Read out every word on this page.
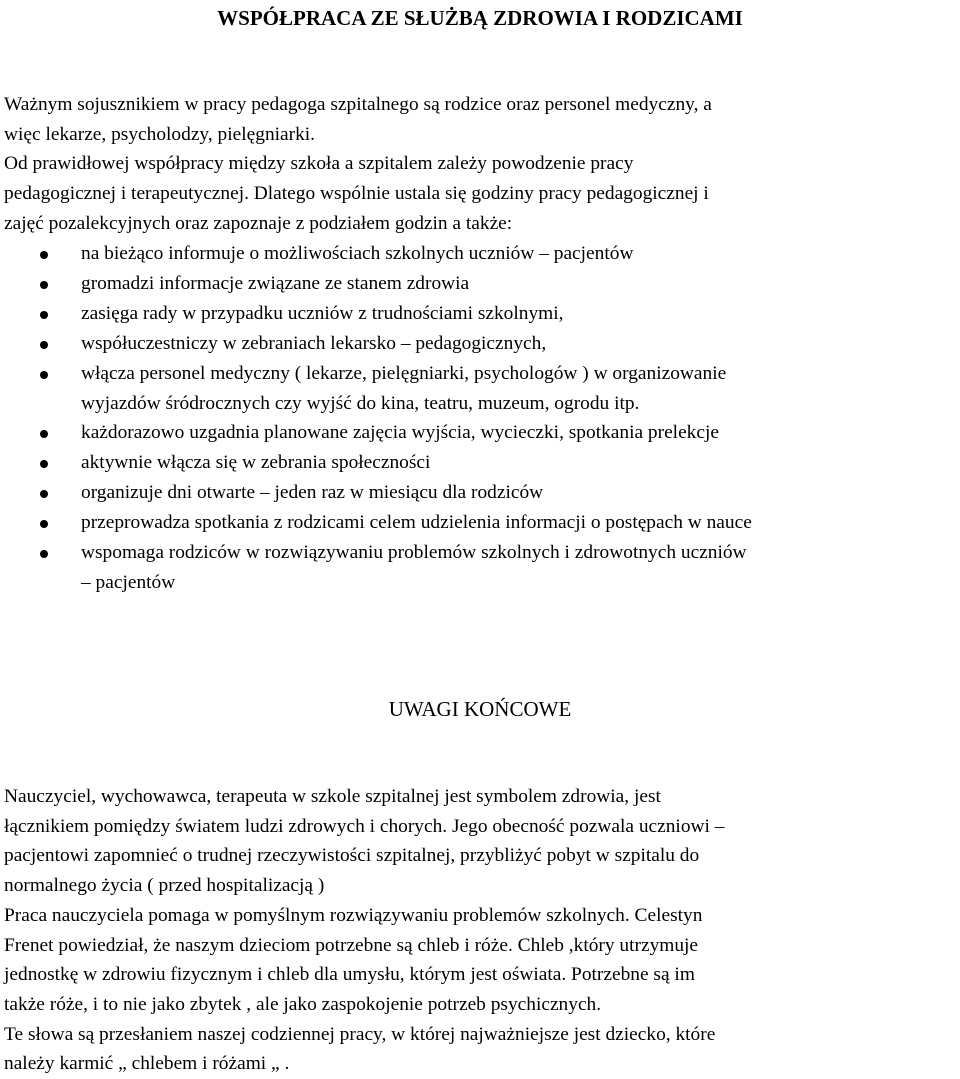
WSPÓŁPRACA ZE SŁUŻBĄ ZDROWIA I RODZICAMI
Ważnym sojusznikiem w pracy pedagoga szpitalnego są rodzice oraz personel medyczny, a
więc lekarze, psycholodzy, pielęgniarki.
Od prawidłowej współpracy między szkoła a szpitalem zależy powodzenie pracy
pedagogicznej i terapeutycznej. Dlatego wspólnie ustala się godziny pracy pedagogicznej i
zajęć pozalekcyjnych oraz zapoznaje z podziałem godzin a także:
na bieżąco informuje o możliwościach szkolnych uczniów – pacjentów
gromadzi informacje związane ze stanem zdrowia
zasięga rady w przypadku uczniów z trudnościami szkolnymi,
współuczestniczy w zebraniach lekarsko – pedagogicznych,
włącza personel medyczny ( lekarze, pielęgniarki, psychologów ) w organizowanie
wyjazdów śródrocznych czy wyjść do kina, teatru, muzeum, ogrodu itp.
każdorazowo uzgadnia planowane zajęcia wyjścia, wycieczki, spotkania prelekcje
aktywnie włącza się w zebrania społeczności
organizuje dni otwarte – jeden raz w miesiącu dla rodziców
przeprowadza spotkania z rodzicami celem udzielenia informacji o postępach w nauce
wspomaga rodziców w rozwiązywaniu problemów szkolnych i zdrowotnych uczniów
– pacjentów
UWAGI KOŃCOWE
Nauczyciel, wychowawca, terapeuta w szkole szpitalnej jest symbolem zdrowia, jest
łącznikiem pomiędzy światem ludzi zdrowych i chorych. Jego obecność pozwala uczniowi –
pacjentowi zapomnieć o trudnej rzeczywistości szpitalnej, przybliżyć pobyt w szpitalu do
normalnego życia ( przed hospitalizacją )
Praca nauczyciela pomaga w pomyślnym rozwiązywaniu problemów szkolnych. Celestyn
Frenet powiedział, że naszym dzieciom potrzebne są chleb i róże. Chleb ,który utrzymuje
jednostkę w zdrowiu fizycznym i chleb dla umysłu, którym jest oświata. Potrzebne są im
także róże, i to nie jako zbytek , ale jako zaspokojenie potrzeb psychicznych.
Te słowa są przesłaniem naszej codziennej pracy, w której najważniejsze jest dziecko, które
należy karmić „ chlebem i różami „ .
